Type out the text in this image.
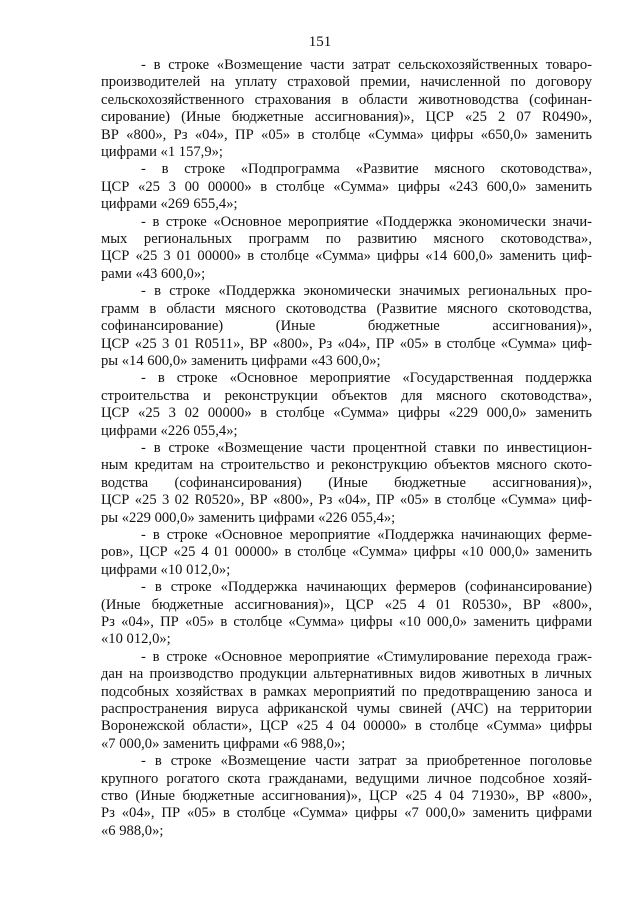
151

- в строке «Возмещение части затрат сельскохозяйственных товаро-
производителей на уплату страховой премии, начисленной по договору
сельскохозяйственного страхования в области животноводства (софинан-
сирование) (Иные бюджетные ассигнования)», ЦСР «25 2 07 R0490»,
ВР «800», Рз «04», ПР «05» в столбце «Сумма» цифры «650,0» заменить
цифрами «1 157,9»;

- в строке «Подпрограмма «Развитие мясного скотоводства»,
ЦСР «25 3 00 00000» в столбце «Сумма» цифры «243 600,0» заменить
цифрами «269 655,4»;

- в строке «Основное мероприятие «Поддержка экономически значи-
мых региональных программ по развитию мясного скотоводства»,
ЦСР «25 3 01 00000» в столбце «Сумма» цифры «14 600,0» заменить циф-
рами «43 600,0»;

- в строке «Поддержка экономически значимых региональных про-
грамм в области мясного скотоводства (Развитие мясного скотоводства,
софинансирование) (Иные бюджетные ассигнования)»,
ЦСР «25 3 01 R0511», ВР «800», Рз «04», ПР «05» в столбце «Сумма» циф-
ры «14 600,0» заменить цифрами «43 600,0»;

- в строке «Основное мероприятие «Государственная поддержка
строительства и реконструкции объектов для мясного скотоводства»,
ЦСР «25 3 02 00000» в столбце «Сумма» цифры «229 000,0» заменить
цифрами «226 055,4»;

- в строке «Возмещение части процентной ставки по инвестицион-
ным кредитам на строительство и реконструкцию объектов мясного ското-
водства (софинансирования) (Иные бюджетные ассигнования)»,
ЦСР «25 3 02 R0520», ВР «800», Рз «04», ПР «05» в столбце «Сумма» циф-
ры «229 000,0» заменить цифрами «226 055,4»;

- в строке «Основное мероприятие «Поддержка начинающих фермe-
ров», ЦСР «25 4 01 00000» в столбце «Сумма» цифры «10 000,0» заменить
цифрами «10 012,0»;

- в строке «Поддержка начинающих фермеров (софинансирование)
(Иные бюджетные ассигнования)», ЦСР «25 4 01 R0530», ВР «800»,
Рз «04», ПР «05» в столбце «Сумма» цифры «10 000,0» заменить цифрами
«10 012,0»;

- в строке «Основное мероприятие «Стимулирование перехода граж-
дан на производство продукции альтернативных видов животных в личных
подсобных хозяйствах в рамках мероприятий по предотвращению заноса и
распространения вируса африканской чумы свиней (АЧС) на территории
Воронежской области», ЦСР «25 4 04 00000» в столбце «Сумма» цифры
«7 000,0» заменить цифрами «6 988,0»;

- в строке «Возмещение части затрат за приобретенное поголовье
крупного рогатого скота гражданами, ведущими личное подсобное хозяй-
ство (Иные бюджетные ассигнования)», ЦСР «25 4 04 71930», ВР «800»,
Рз «04», ПР «05» в столбце «Сумма» цифры «7 000,0» заменить цифрами
«6 988,0»;
